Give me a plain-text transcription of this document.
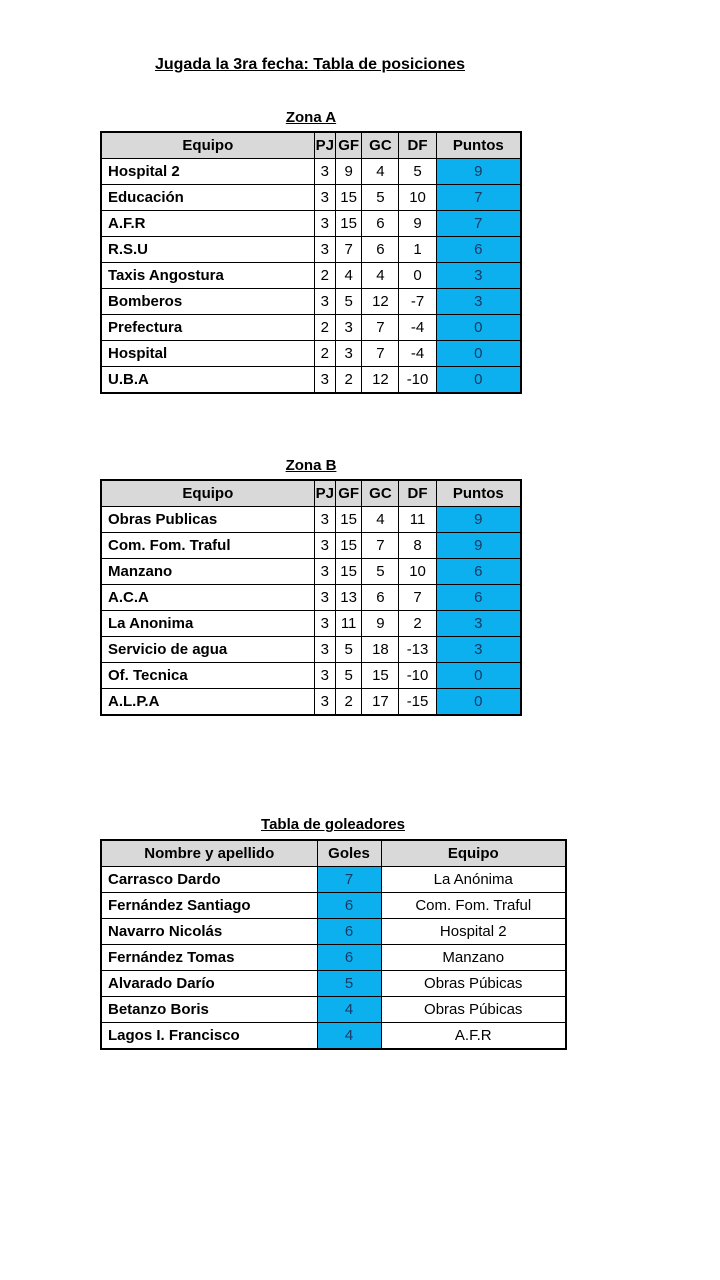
Jugada la 3ra fecha: Tabla de posiciones
Zona A
Equipo	PJ	GF	GC	DF	Puntos
Hospital 2	3	9	4	5	9
Educación	3	15	5	10	7
A.F.R	3	15	6	9	7
R.S.U	3	7	6	1	6
Taxis Angostura	2	4	4	0	3
Bomberos	3	5	12	-7	3
Prefectura	2	3	7	-4	0
Hospital	2	3	7	-4	0
U.B.A	3	2	12	-10	0
Zona B
Equipo	PJ	GF	GC	DF	Puntos
Obras Publicas	3	15	4	11	9
Com. Fom. Traful	3	15	7	8	9
Manzano	3	15	5	10	6
A.C.A	3	13	6	7	6
La Anonima	3	11	9	2	3
Servicio de agua	3	5	18	-13	3
Of. Tecnica	3	5	15	-10	0
A.L.P.A	3	2	17	-15	0
Tabla de goleadores
Nombre y apellido	Goles	Equipo
Carrasco Dardo	7	La Anónima
Fernández Santiago	6	Com. Fom. Traful
Navarro Nicolás	6	Hospital 2
Fernández Tomas	6	Manzano
Alvarado Darío	5	Obras Púbicas
Betanzo Boris	4	Obras Púbicas
Lagos I. Francisco	4	A.F.R
